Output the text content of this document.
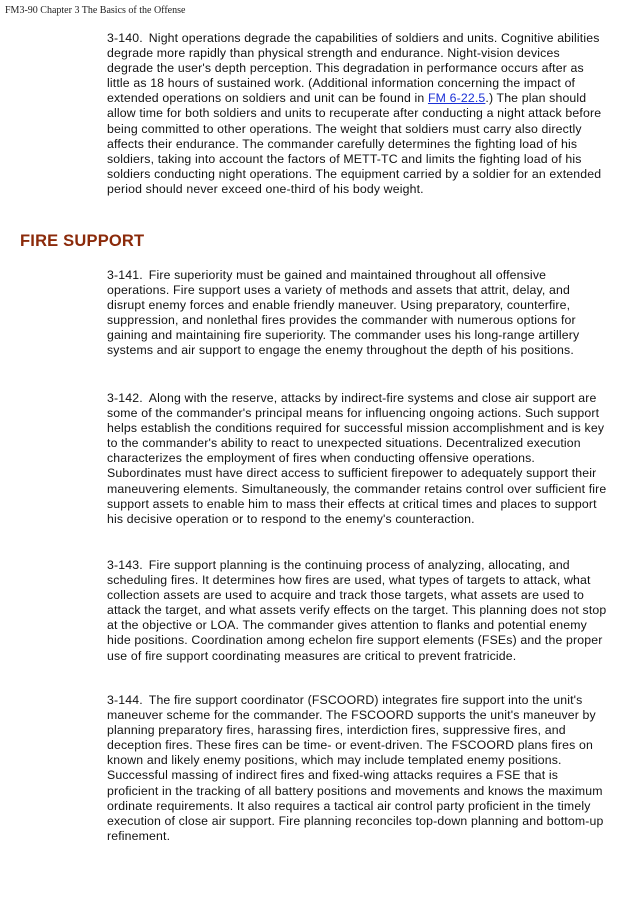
FM3-90 Chapter 3 The Basics of the Offense

3-140. Night operations degrade the capabilities of soldiers and units. Cognitive abilities degrade more rapidly than physical strength and endurance. Night-vision devices degrade the user's depth perception. This degradation in performance occurs after as little as 18 hours of sustained work. (Additional information concerning the impact of extended operations on soldiers and unit can be found in FM 6-22.5.) The plan should allow time for both soldiers and units to recuperate after conducting a night attack before being committed to other operations. The weight that soldiers must carry also directly affects their endurance. The commander carefully determines the fighting load of his soldiers, taking into account the factors of METT-TC and limits the fighting load of his soldiers conducting night operations. The equipment carried by a soldier for an extended period should never exceed one-third of his body weight.

FIRE SUPPORT

3-141. Fire superiority must be gained and maintained throughout all offensive operations. Fire support uses a variety of methods and assets that attrit, delay, and disrupt enemy forces and enable friendly maneuver. Using preparatory, counterfire, suppression, and nonlethal fires provides the commander with numerous options for gaining and maintaining fire superiority. The commander uses his long-range artillery systems and air support to engage the enemy throughout the depth of his positions.

3-142. Along with the reserve, attacks by indirect-fire systems and close air support are some of the commander's principal means for influencing ongoing actions. Such support helps establish the conditions required for successful mission accomplishment and is key to the commander's ability to react to unexpected situations. Decentralized execution characterizes the employment of fires when conducting offensive operations. Subordinates must have direct access to sufficient firepower to adequately support their maneuvering elements. Simultaneously, the commander retains control over sufficient fire support assets to enable him to mass their effects at critical times and places to support his decisive operation or to respond to the enemy's counteraction.

3-143. Fire support planning is the continuing process of analyzing, allocating, and scheduling fires. It determines how fires are used, what types of targets to attack, what collection assets are used to acquire and track those targets, what assets are used to attack the target, and what assets verify effects on the target. This planning does not stop at the objective or LOA. The commander gives attention to flanks and potential enemy hide positions. Coordination among echelon fire support elements (FSEs) and the proper use of fire support coordinating measures are critical to prevent fratricide.

3-144. The fire support coordinator (FSCOORD) integrates fire support into the unit's maneuver scheme for the commander. The FSCOORD supports the unit's maneuver by planning preparatory fires, harassing fires, interdiction fires, suppressive fires, and deception fires. These fires can be time- or event-driven. The FSCOORD plans fires on known and likely enemy positions, which may include templated enemy positions. Successful massing of indirect fires and fixed-wing attacks requires a FSE that is proficient in the tracking of all battery positions and movements and knows the maximum ordinate requirements. It also requires a tactical air control party proficient in the timely execution of close air support. Fire planning reconciles top-down planning and bottom-up refinement.
